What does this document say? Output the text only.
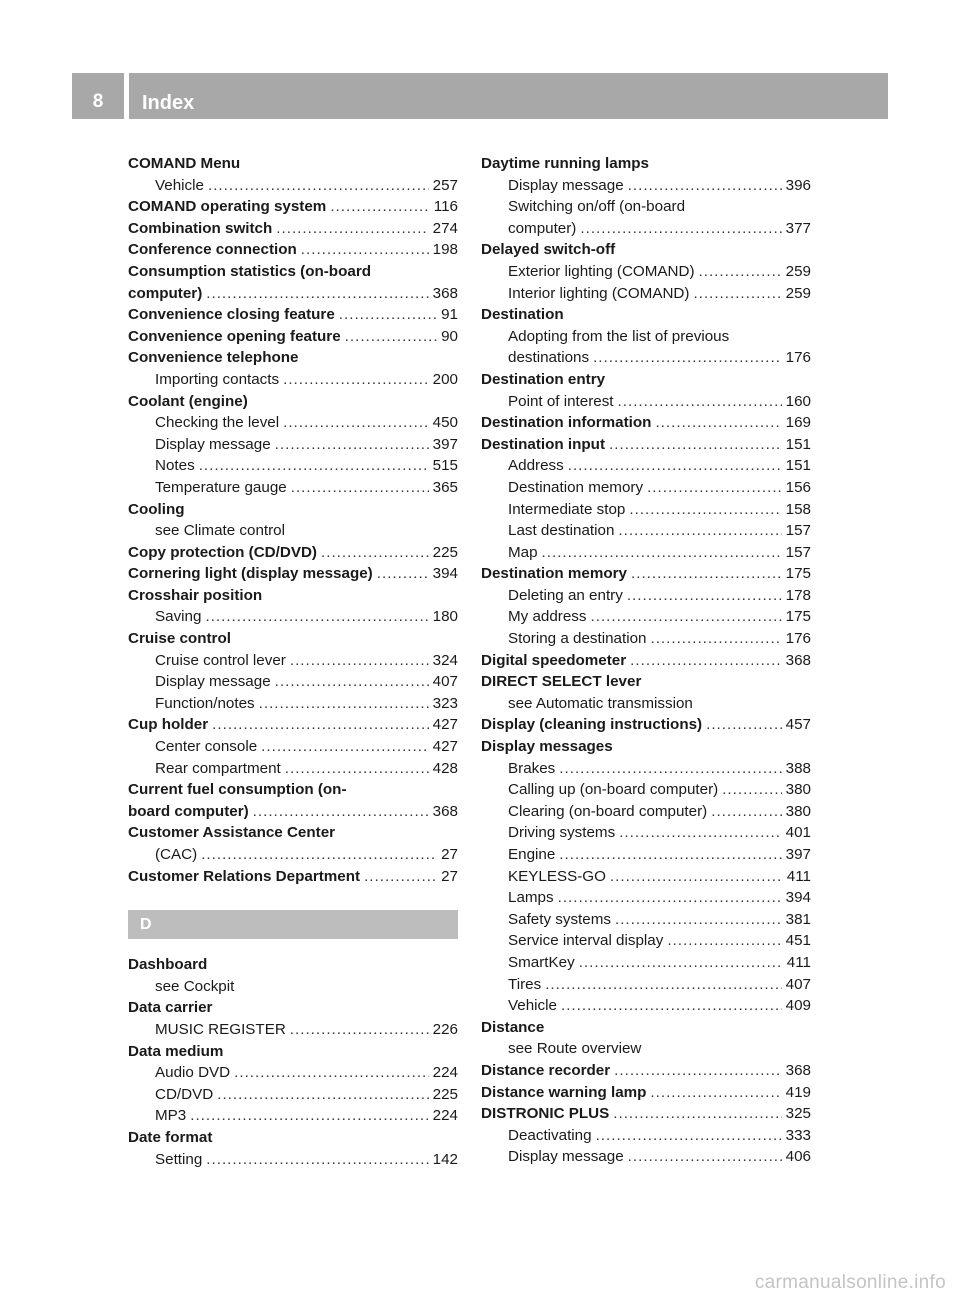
8	Index
COMAND Menu
Vehicle .....	257
COMAND operating system .....	116
Combination switch .....	274
Conference connection .....	198
Consumption statistics (on-board
computer) .....	368
Convenience closing feature .....	91
Convenience opening feature .....	90
Convenience telephone
Importing contacts .....	200
Coolant (engine)
Checking the level .....	450
Display message .....	397
Notes .....	515
Temperature gauge .....	365
Cooling
see Climate control
Copy protection (CD/DVD) .....	225
Cornering light (display message) .....	394
Crosshair position
Saving .....	180
Cruise control
Cruise control lever .....	324
Display message .....	407
Function/notes .....	323
Cup holder .....	427
Center console .....	427
Rear compartment .....	428
Current fuel consumption (on-
board computer) .....	368
Customer Assistance Center
(CAC) .....	27
Customer Relations Department .....	27
D
Dashboard
see Cockpit
Data carrier
MUSIC REGISTER .....	226
Data medium
Audio DVD .....	224
CD/DVD .....	225
MP3 .....	224
Date format
Setting .....	142
Daytime running lamps
Display message .....	396
Switching on/off (on-board
computer) .....	377
Delayed switch-off
Exterior lighting (COMAND) .....	259
Interior lighting (COMAND) .....	259
Destination
Adopting from the list of previous
destinations .....	176
Destination entry
Point of interest .....	160
Destination information .....	169
Destination input .....	151
Address .....	151
Destination memory .....	156
Intermediate stop .....	158
Last destination .....	157
Map .....	157
Destination memory .....	175
Deleting an entry .....	178
My address .....	175
Storing a destination .....	176
Digital speedometer .....	368
DIRECT SELECT lever
see Automatic transmission
Display (cleaning instructions) .....	457
Display messages
Brakes .....	388
Calling up (on-board computer) .....	380
Clearing (on-board computer) .....	380
Driving systems .....	401
Engine .....	397
KEYLESS-GO .....	411
Lamps .....	394
Safety systems .....	381
Service interval display .....	451
SmartKey .....	411
Tires .....	407
Vehicle .....	409
Distance
see Route overview
Distance recorder .....	368
Distance warning lamp .....	419
DISTRONIC PLUS .....	325
Deactivating .....	333
Display message .....	406
carmanualsonline.info
